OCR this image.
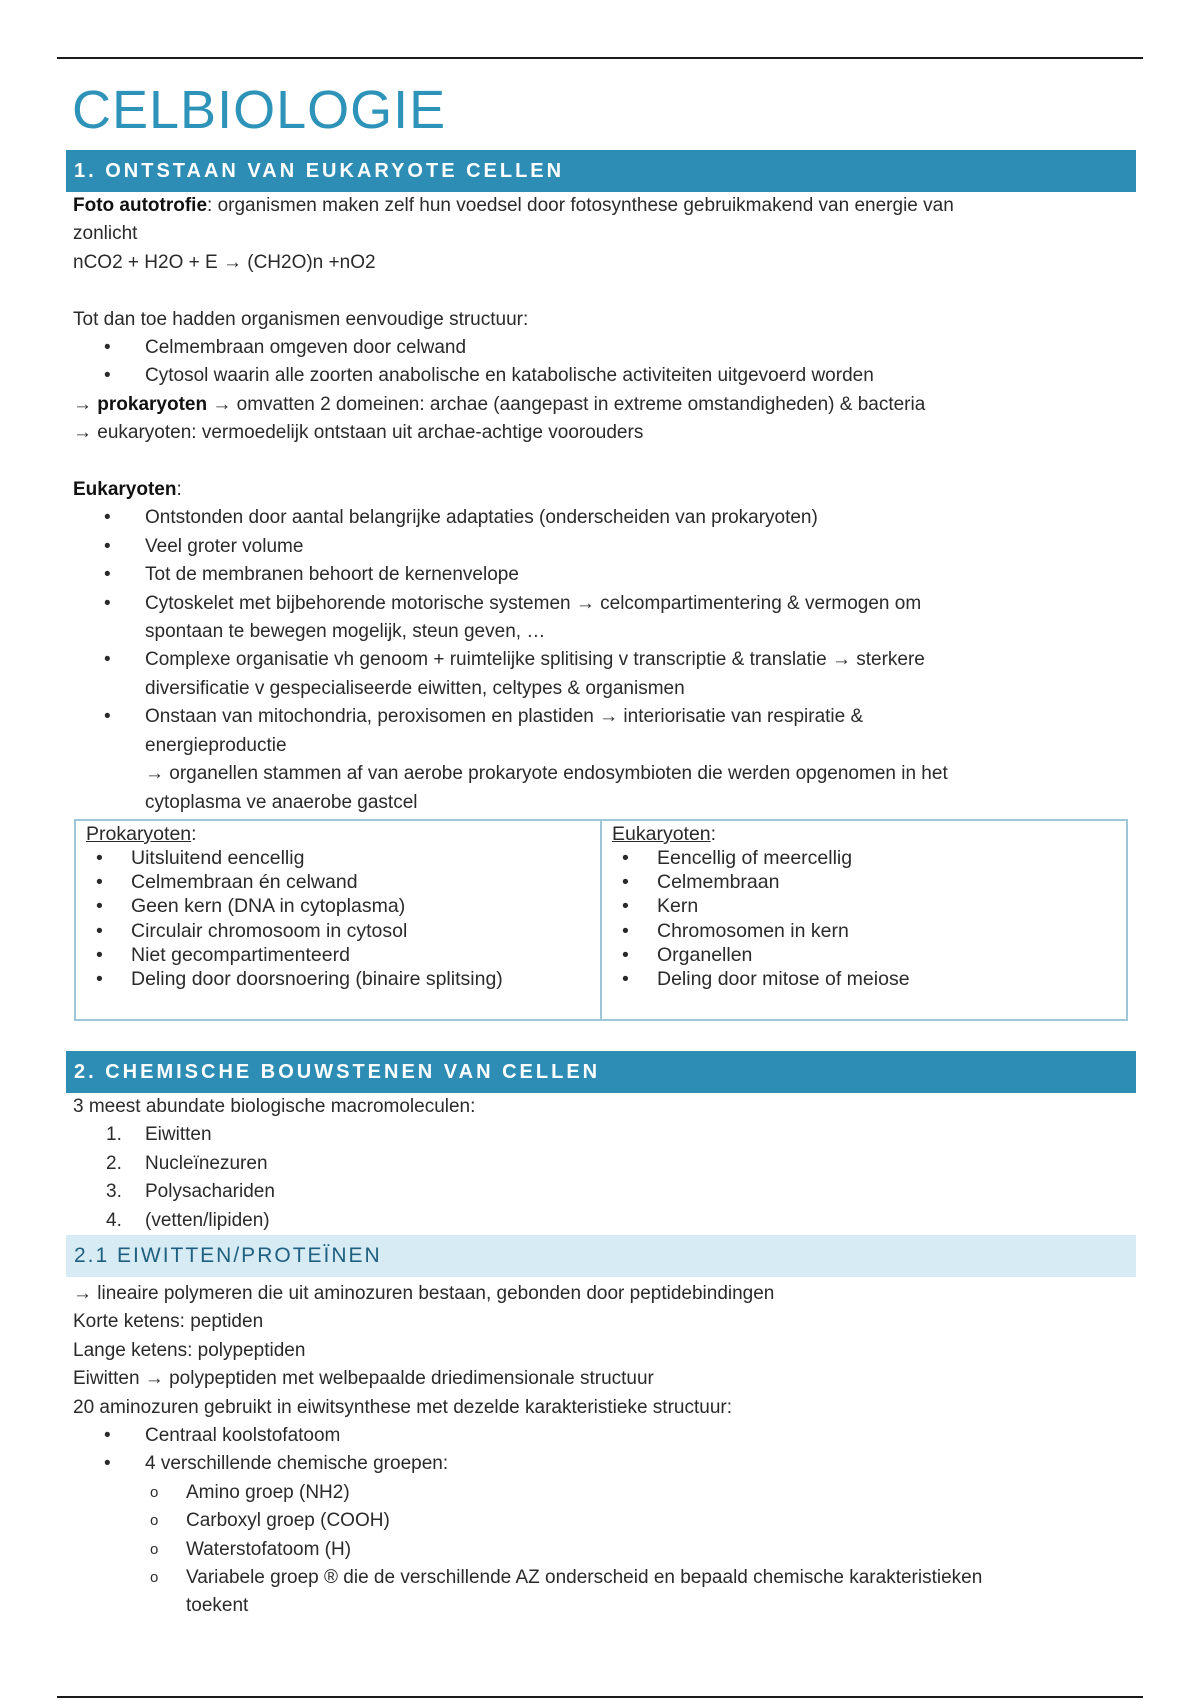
CELBIOLOGIE
1. ONTSTAAN VAN EUKARYOTE CELLEN
Foto autotrofie: organismen maken zelf hun voedsel door fotosynthese gebruikmakend van energie van
zonlicht
nCO2 + H2O + E → (CH2O)n +nO2
Tot dan toe hadden organismen eenvoudige structuur:
• Celmembraan omgeven door celwand
• Cytosol waarin alle zoorten anabolische en katabolische activiteiten uitgevoerd worden
→ prokaryoten → omvatten 2 domeinen: archae (aangepast in extreme omstandigheden) & bacteria
→ eukaryoten: vermoedelijk ontstaan uit archae-achtige voorouders
Eukaryoten:
• Ontstonden door aantal belangrijke adaptaties (onderscheiden van prokaryoten)
• Veel groter volume
• Tot de membranen behoort de kernenvelope
• Cytoskelet met bijbehorende motorische systemen → celcompartimentering & vermogen om
spontaan te bewegen mogelijk, steun geven, …
• Complexe organisatie vh genoom + ruimtelijke splitising v transcriptie & translatie → sterkere
diversificatie v gespecialiseerde eiwitten, celtypes & organismen
• Onstaan van mitochondria, peroxisomen en plastiden → interiorisatie van respiratie &
energieproductie
→ organellen stammen af van aerobe prokaryote endosymbioten die werden opgenomen in het
cytoplasma ve anaerobe gastcel
Prokaryoten:
• Uitsluitend eencellig
• Celmembraan én celwand
• Geen kern (DNA in cytoplasma)
• Circulair chromosoom in cytosol
• Niet gecompartimenteerd
• Deling door doorsnoering (binaire splitsing)
Eukaryoten:
• Eencellig of meercellig
• Celmembraan
• Kern
• Chromosomen in kern
• Organellen
• Deling door mitose of meiose
2. CHEMISCHE BOUWSTENEN VAN CELLEN
3 meest abundate biologische macromoleculen:
1.	Eiwitten
2.	Nucleïnezuren
3.	Polysachariden
4.	(vetten/lipiden)
2.1 EIWITTEN/PROTEÏNEN
→ lineaire polymeren die uit aminozuren bestaan, gebonden door peptidebindingen
Korte ketens: peptiden
Lange ketens: polypeptiden
Eiwitten → polypeptiden met welbepaalde driedimensionale structuur
20 aminozuren gebruikt in eiwitsynthese met dezelde karakteristieke structuur:
• Centraal koolstofatoom
• 4 verschillende chemische groepen:
o Amino groep (NH2)
o Carboxyl groep (COOH)
o Waterstofatoom (H)
o Variabele groep ® die de verschillende AZ onderscheid en bepaald chemische karakteristieken
toekent
